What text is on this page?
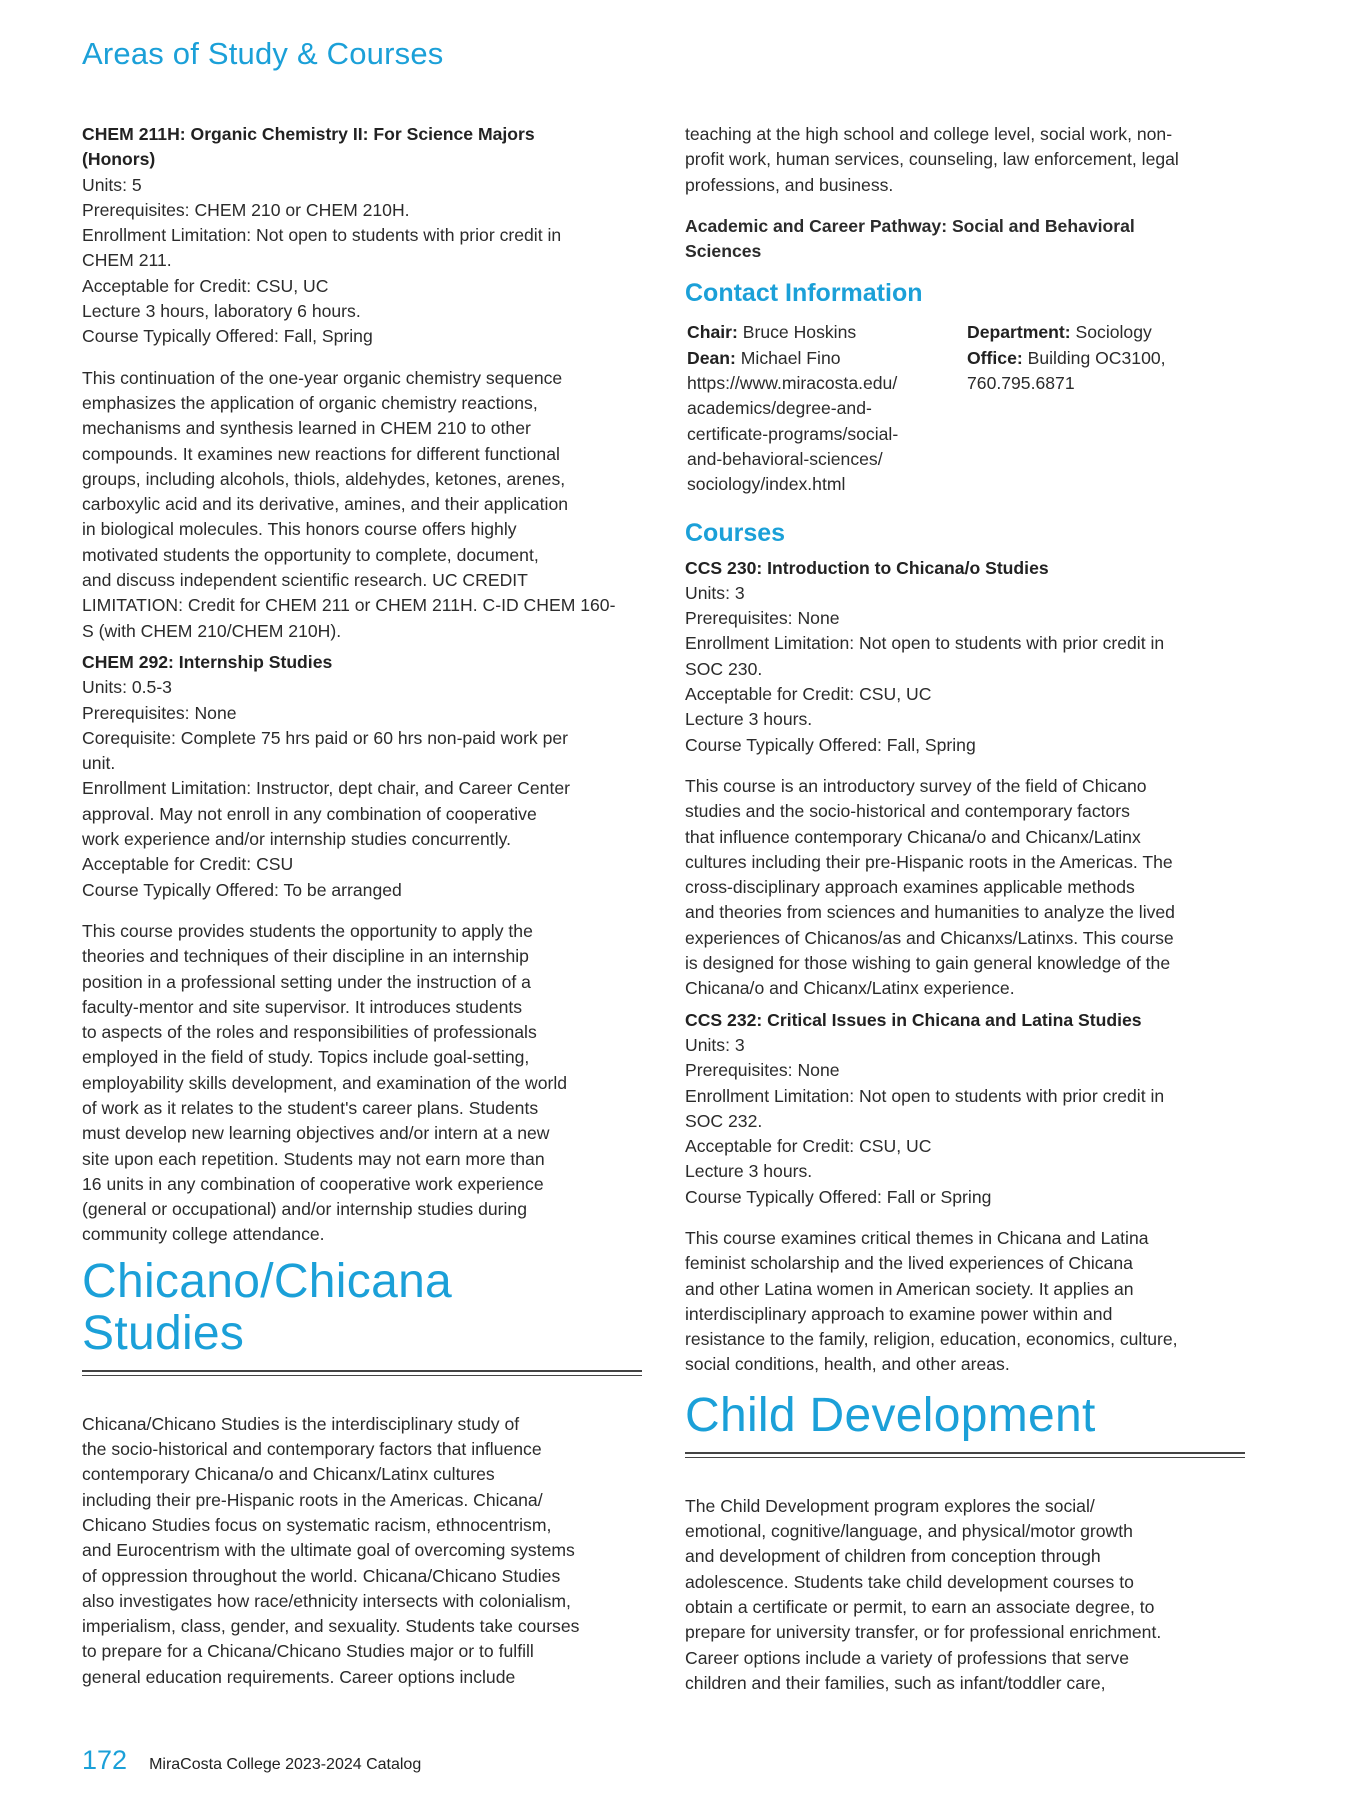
Areas of Study & Courses

CHEM 211H: Organic Chemistry II: For Science Majors
(Honors)

Units: 5
Prerequisites: CHEM 210 or CHEM 210H.
Enrollment Limitation: Not open to students with prior credit in
CHEM 211.
Acceptable for Credit: CSU, UC
Lecture 3 hours, laboratory 6 hours.
Course Typically Offered: Fall, Spring

This continuation of the one-year organic chemistry sequence
emphasizes the application of organic chemistry reactions,
mechanisms and synthesis learned in CHEM 210 to other
compounds. It examines new reactions for different functional
groups, including alcohols, thiols, aldehydes, ketones, arenes,
carboxylic acid and its derivative, amines, and their application
in biological molecules. This honors course offers highly
motivated students the opportunity to complete, document,
and discuss independent scientific research. UC CREDIT
LIMITATION: Credit for CHEM 211 or CHEM 211H. C-ID CHEM 160-
S (with CHEM 210/CHEM 210H).

CHEM 292: Internship Studies

Units: 0.5-3
Prerequisites: None
Corequisite: Complete 75 hrs paid or 60 hrs non-paid work per
unit.
Enrollment Limitation: Instructor, dept chair, and Career Center
approval. May not enroll in any combination of cooperative
work experience and/or internship studies concurrently.
Acceptable for Credit: CSU
Course Typically Offered: To be arranged

This course provides students the opportunity to apply the
theories and techniques of their discipline in an internship
position in a professional setting under the instruction of a
faculty-mentor and site supervisor. It introduces students
to aspects of the roles and responsibilities of professionals
employed in the field of study. Topics include goal-setting,
employability skills development, and examination of the world
of work as it relates to the student's career plans. Students
must develop new learning objectives and/or intern at a new
site upon each repetition. Students may not earn more than
16 units in any combination of cooperative work experience
(general or occupational) and/or internship studies during
community college attendance.

Chicano/Chicana
Studies

Chicana/Chicano Studies is the interdisciplinary study of
the socio-historical and contemporary factors that influence
contemporary Chicana/o and Chicanx/Latinx cultures
including their pre-Hispanic roots in the Americas. Chicana/
Chicano Studies focus on systematic racism, ethnocentrism,
and Eurocentrism with the ultimate goal of overcoming systems
of oppression throughout the world. Chicana/Chicano Studies
also investigates how race/ethnicity intersects with colonialism,
imperialism, class, gender, and sexuality. Students take courses
to prepare for a Chicana/Chicano Studies major or to fulfill
general education requirements. Career options include

teaching at the high school and college level, social work, non-
profit work, human services, counseling, law enforcement, legal
professions, and business.

Academic and Career Pathway: Social and Behavioral
Sciences

Contact Information
Chair: Bruce Hoskins
Dean: Michael Fino
https://www.miracosta.edu/
academics/degree-and-
certificate-programs/social-
and-behavioral-sciences/
sociology/index.html
Department: Sociology
Office: Building OC3100,
760.795.6871
Courses

CCS 230: Introduction to Chicana/o Studies

Units: 3
Prerequisites: None
Enrollment Limitation: Not open to students with prior credit in
SOC 230.
Acceptable for Credit: CSU, UC
Lecture 3 hours.
Course Typically Offered: Fall, Spring

This course is an introductory survey of the field of Chicano
studies and the socio-historical and contemporary factors
that influence contemporary Chicana/o and Chicanx/Latinx
cultures including their pre-Hispanic roots in the Americas. The
cross-disciplinary approach examines applicable methods
and theories from sciences and humanities to analyze the lived
experiences of Chicanos/as and Chicanxs/Latinxs. This course
is designed for those wishing to gain general knowledge of the
Chicana/o and Chicanx/Latinx experience.

CCS 232: Critical Issues in Chicana and Latina Studies

Units: 3
Prerequisites: None
Enrollment Limitation: Not open to students with prior credit in
SOC 232.
Acceptable for Credit: CSU, UC
Lecture 3 hours.
Course Typically Offered: Fall or Spring

This course examines critical themes in Chicana and Latina
feminist scholarship and the lived experiences of Chicana
and other Latina women in American society. It applies an
interdisciplinary approach to examine power within and
resistance to the family, religion, education, economics, culture,
social conditions, health, and other areas.

Child Development

The Child Development program explores the social/
emotional, cognitive/language, and physical/motor growth
and development of children from conception through
adolescence. Students take child development courses to
obtain a certificate or permit, to earn an associate degree, to
prepare for university transfer, or for professional enrichment.
Career options include a variety of professions that serve
children and their families, such as infant/toddler care,

172 MiraCosta College 2023-2024 Catalog
